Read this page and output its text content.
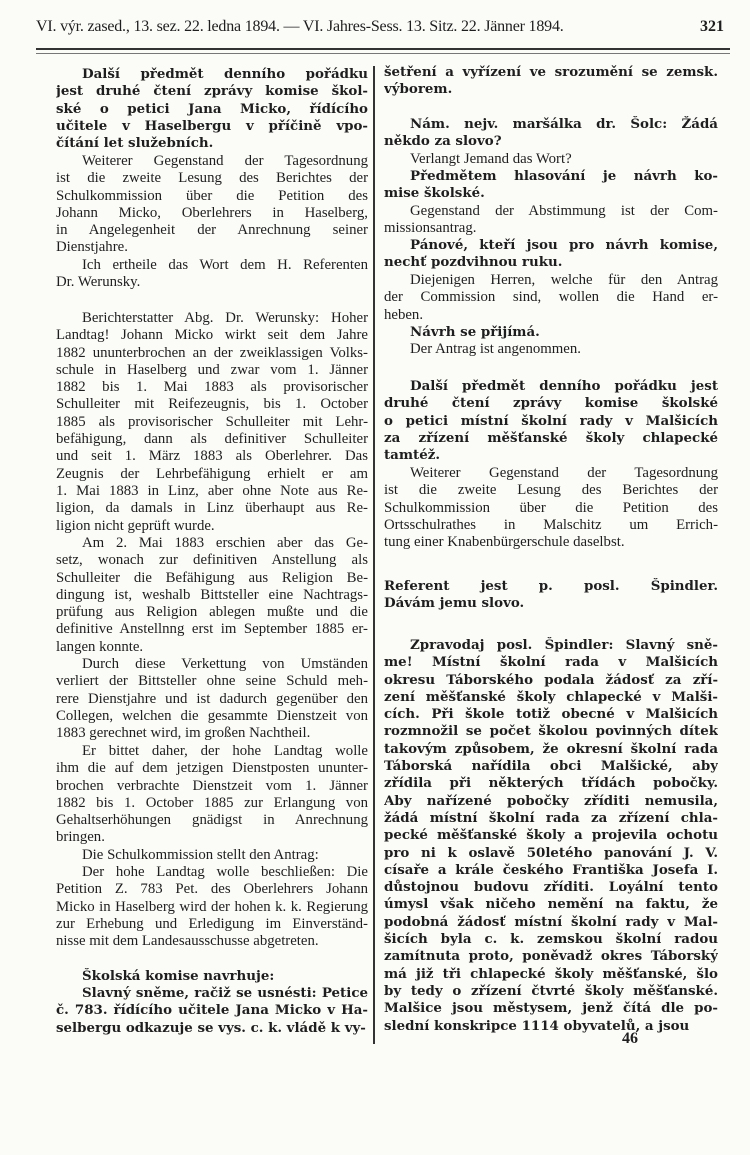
VI. výr. zased., 13. sez. 22. ledna 1894. — VI. Jahres-Sess. 13. Sitz. 22. Jänner 1894.	321
Další předmět denního pořádku
jest druhé čtení zprávy komise škol-
ské o petici Jana Micko, řídícího
učitele v Haselbergu v příčině vpo-
čítání let služebních.
Weiterer Gegenstand der Tagesordnung
ist die zweite Lesung des Berichtes der
Schulkommission über die Petition des
Johann Micko, Oberlehrers in Haselberg,
in Angelegenheit der Anrechnung seiner
Dienstjahre.
Ich ertheile das Wort dem H. Referenten
Dr. Werunsky.
Berichterstatter Abg. Dr. Werunsky: Hoher
Landtag! Johann Micko wirkt seit dem Jahre
1882 ununterbrochen an der zweiklassigen Volks-
schule in Haselberg und zwar vom 1. Jänner
1882 bis 1. Mai 1883 als provisorischer
Schulleiter mit Reifezeugnis, bis 1. October
1885 als provisorischer Schulleiter mit Lehr-
befähigung, dann als definitiver Schulleiter
und seit 1. März 1883 als Oberlehrer. Das
Zeugnis der Lehrbefähigung erhielt er am
1. Mai 1883 in Linz, aber ohne Note aus Re-
ligion, da damals in Linz überhaupt aus Re-
ligion nicht geprüft wurde.
Am 2. Mai 1883 erschien aber das Ge-
setz, wonach zur definitiven Anstellung als
Schulleiter die Befähigung aus Religion Be-
dingung ist, weshalb Bittsteller eine Nachtrags-
prüfung aus Religion ablegen mußte und die
definitive Anstellnng erst im September 1885 er-
langen konnte.
Durch diese Verkettung von Umständen
verliert der Bittsteller ohne seine Schuld meh-
rere Dienstjahre und ist dadurch gegenüber den
Collegen, welchen die gesammte Dienstzeit von
1883 gerechnet wird, im großen Nachtheil.
Er bittet daher, der hohe Landtag wolle
ihm die auf dem jetzigen Dienstposten ununter-
brochen verbrachte Dienstzeit vom 1. Jänner
1882 bis 1. October 1885 zur Erlangung von
Gehaltserhöhungen gnädigst in Anrechnung
bringen.
Die Schulkommission stellt den Antrag:
Der hohe Landtag wolle beschließen: Die
Petition Z. 783 Pet. des Oberlehrers Johann
Micko in Haselberg wird der hohen k. k. Regierung
zur Erhebung und Erledigung im Einverständ-
nisse mit dem Landesausschusse abgetreten.
Školská komise navrhuje:
Slavný sněme, račiž se usnésti: Petice
č. 783. řídícího učitele Jana Micko v Ha-
selbergu odkazuje se vys. c. k. vládě k vy-
šetření a vyřízení ve srozumění se zemsk.
výborem.
Nám. nejv. maršálka dr. Šolc: Žádá
někdo za slovo?
Verlangt Jemand das Wort?
Předmětem hlasování je návrh ko-
mise školské.
Gegenstand der Abstimmung ist der Com-
missionsantrag.
Pánové, kteří jsou pro návrh komise,
nechť pozdvihnou ruku.
Diejenigen Herren, welche für den Antrag
der Commission sind, wollen die Hand er-
heben.
Návrh se přijímá.
Der Antrag ist angenommen.
Další předmět denního pořádku jest
druhé čtení zprávy komise školské
o petici místní školní rady v Malšicích
za zřízení měšťanské školy chlapecké
tamtéž.
Weiterer Gegenstand der Tagesordnung
ist die zweite Lesung des Berichtes der
Schulkommission über die Petition des
Ortsschulrathes in Malschitz um Errich-
tung einer Knabenbürgerschule daselbst.
Referent jest p. posl. Špindler.
Dávám jemu slovo.
Zpravodaj posl. Špindler: Slavný sně-
me! Místní školní rada v Malšicích
okresu Táborského podala žádosť za zří-
zení měšťanské školy chlapecké v Malši-
cích. Při škole totiž obecné v Malšicích
rozmnožil se počet školou povinných dítek
takovým způsobem, že okresní školní rada
Táborská nařídila obci Malšické, aby
zřídila při některých třídách pobočky.
Aby nařízené pobočky zříditi nemusila,
žádá místní školní rada za zřízení chla-
pecké měšťanské školy a projevila ochotu
pro ni k oslavě 50letého panování J. V.
císaře a krále českého Františka Josefa I.
důstojnou budovu zříditi. Loyální tento
úmysl však ničeho nemění na faktu, že
podobná žádosť místní školní rady v Mal-
šicích byla c. k. zemskou školní radou
zamítnuta proto, poněvadž okres Táborský
má již tři chlapecké školy měšťanské, šlo
by tedy o zřízení čtvrté školy měšťanské.
Malšice jsou městysem, jenž čítá dle po-
slední konskripce 1114 obyvatelů, a jsou
46
